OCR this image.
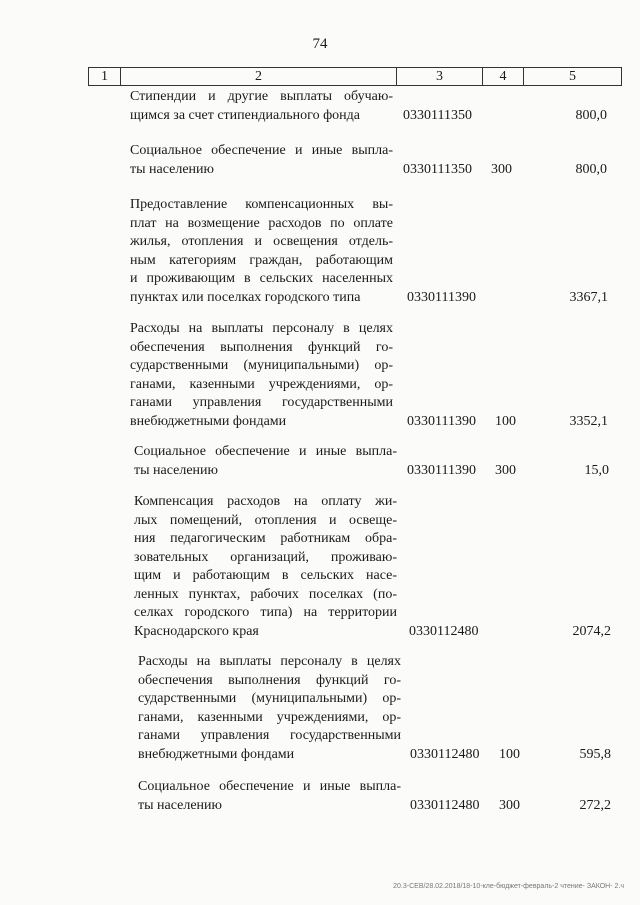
74
1	2	3	4	5
Стипендии и другие выплаты обучаю-
щимся за счет стипендиального фонда	0330111350	800,0
Социальное обеспечение и иные выпла-
ты населению	0330111350 300	800,0
Предоставление компенсационных вы-
плат на возмещение расходов по оплате
жилья, отопления и освещения отдель-
ным категориям граждан, работающим
и проживающим в сельских населенных
пунктах или поселках городского типа	0330111390	3367,1
Расходы на выплаты персоналу в целях
обеспечения выполнения функций го-
сударственными (муниципальными) ор-
ганами, казенными учреждениями, ор-
ганами управления государственными
внебюджетными фондами	0330111390 100	3352,1
Социальное обеспечение и иные выпла-
ты населению	0330111390 300	15,0
Компенсация расходов на оплату жи-
лых помещений, отопления и освеще-
ния педагогическим работникам обра-
зовательных организаций, проживаю-
щим и работающим в сельских насе-
ленных пунктах, рабочих поселках (по-
селках городского типа) на территории
Краснодарского края	0330112480	2074,2
Расходы на выплаты персоналу в целях
обеспечения выполнения функций го-
сударственными (муниципальными) ор-
ганами, казенными учреждениями, ор-
ганами управления государственными
внебюджетными фондами	0330112480 100	595,8
Социальное обеспечение и иные выпла-
ты населению	0330112480 300	272,2
20.3-СЕВ/28.02.2018/18-10-кле-бюджет-февраль-2 чтение- ЗАКОН- 2.ч
